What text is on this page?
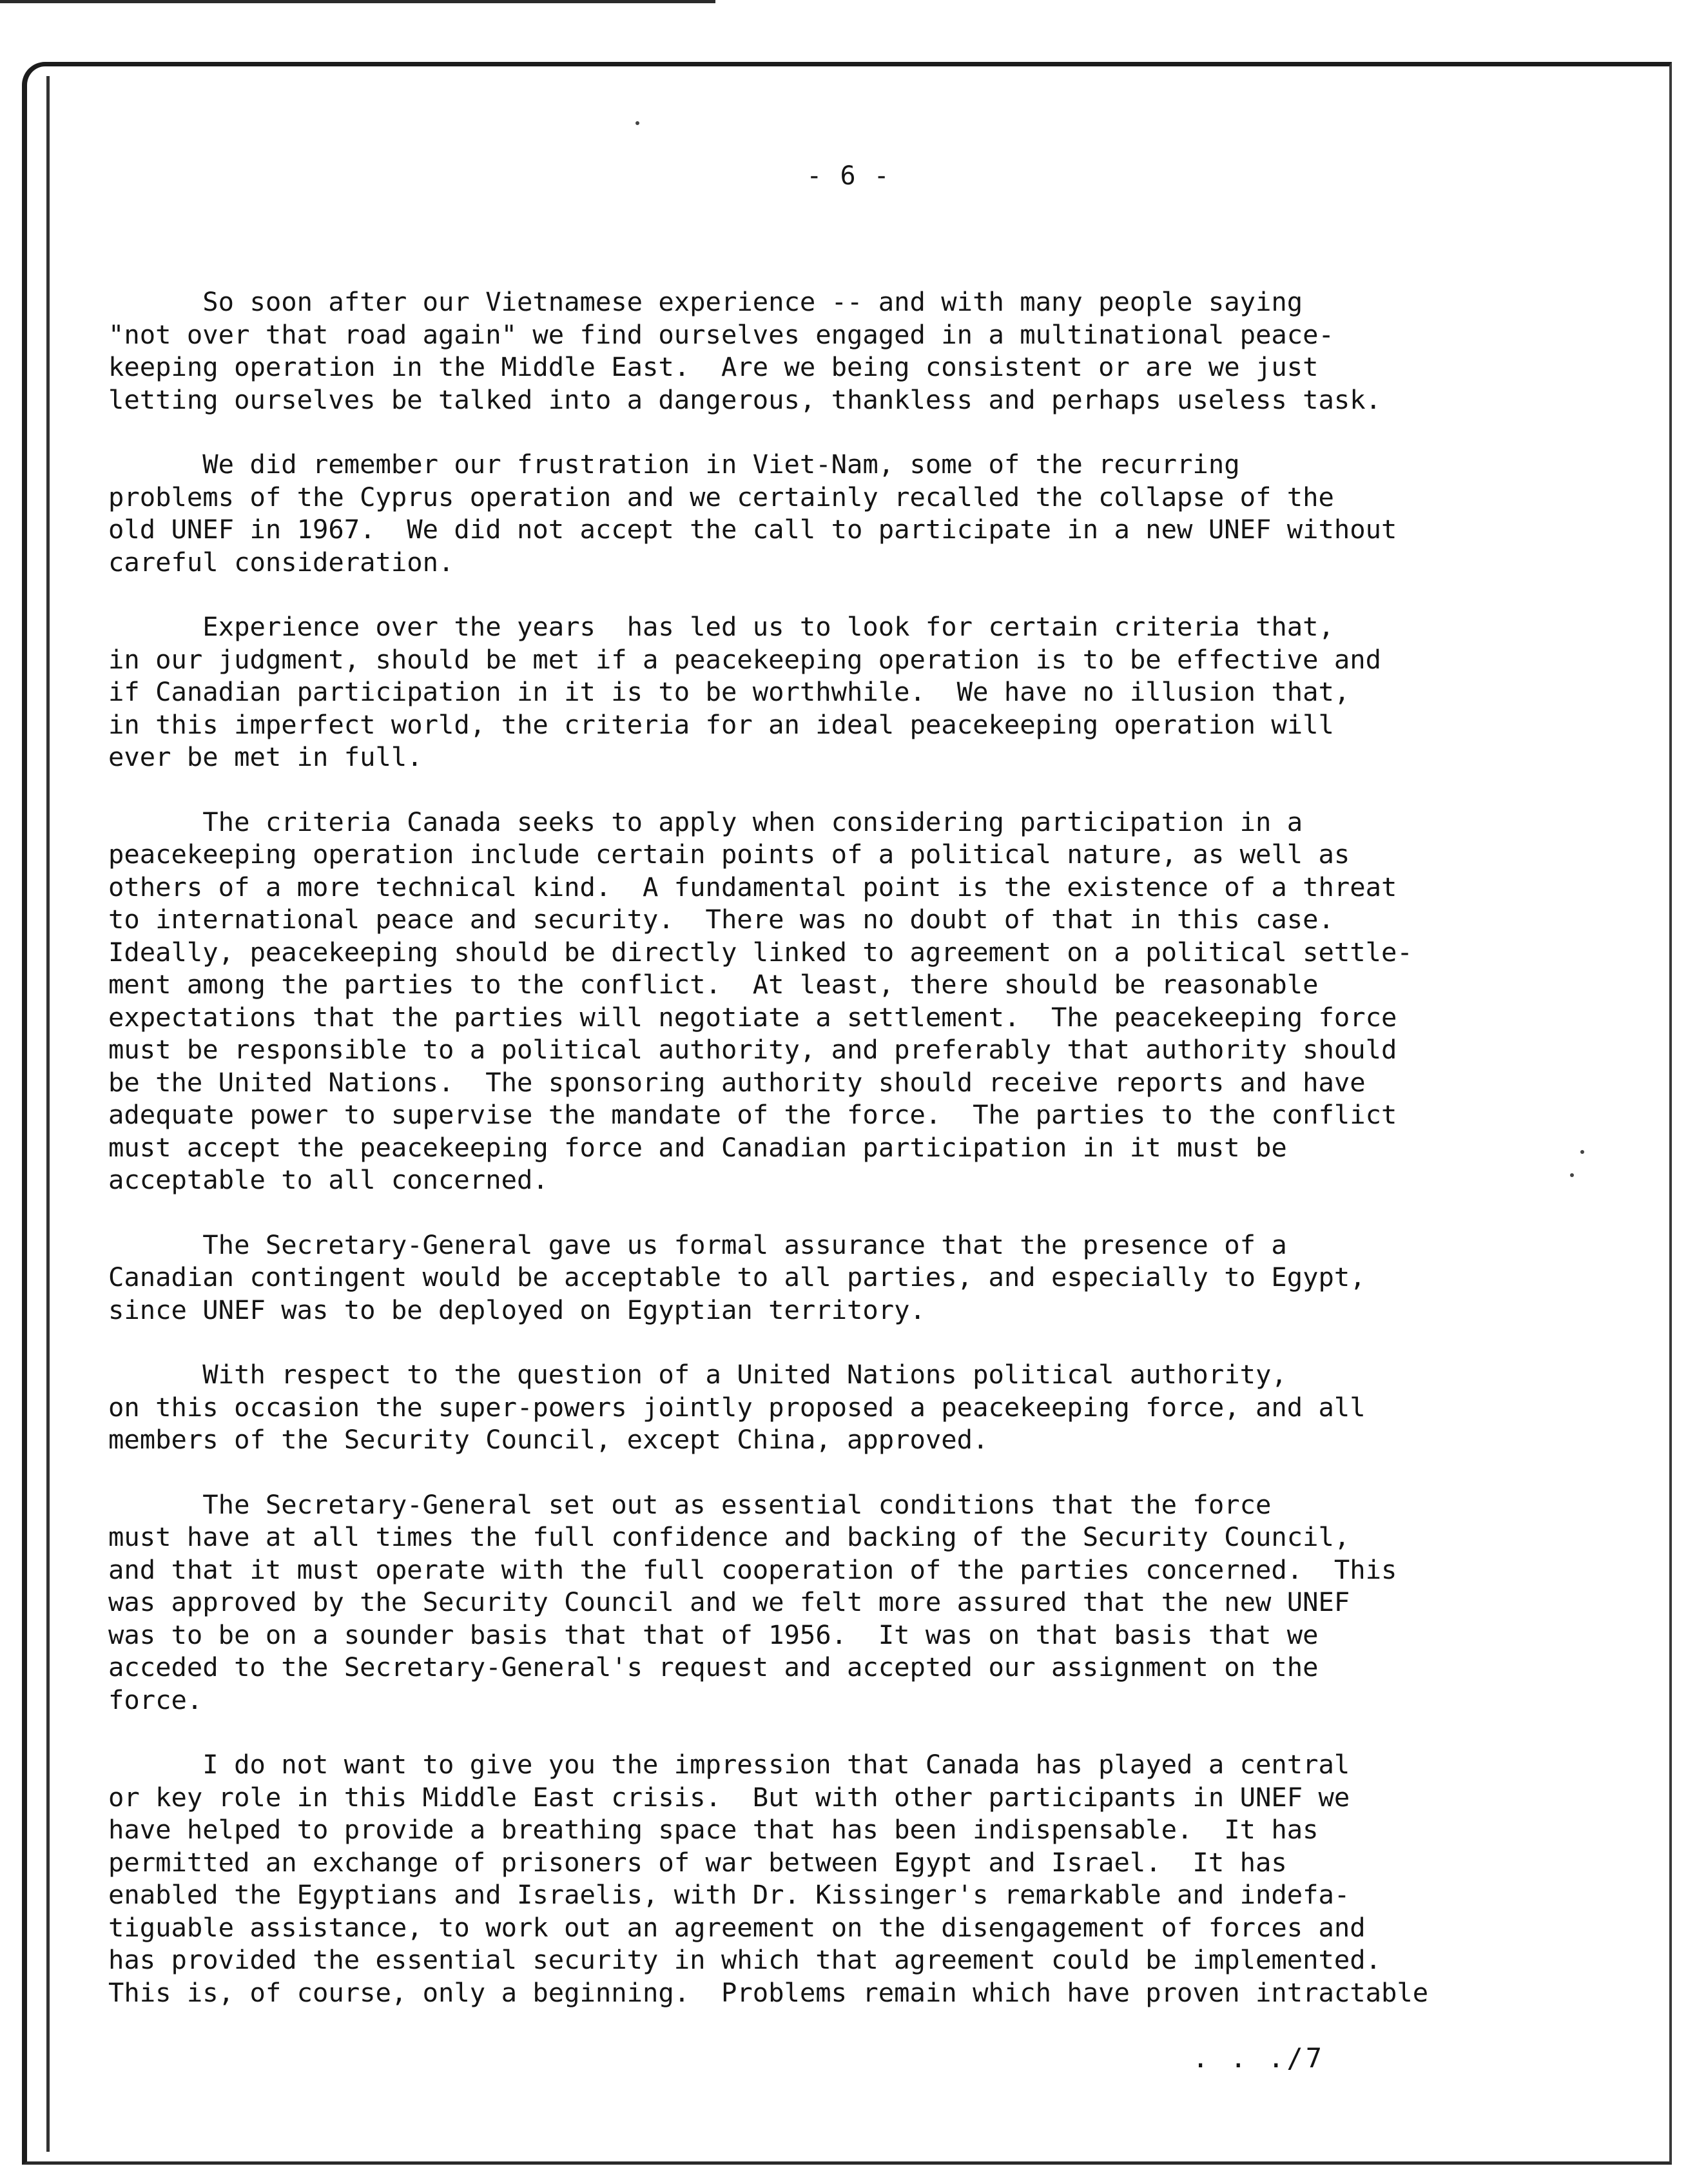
- 6 -
So soon after our Vietnamese experience -- and with many people saying
"not over that road again" we find ourselves engaged in a multinational peace-
keeping operation in the Middle East.  Are we being consistent or are we just
letting ourselves be talked into a dangerous, thankless and perhaps useless task.
We did remember our frustration in Viet-Nam, some of the recurring
problems of the Cyprus operation and we certainly recalled the collapse of the
old UNEF in 1967.  We did not accept the call to participate in a new UNEF without
careful consideration.
Experience over the years  has led us to look for certain criteria that,
in our judgment, should be met if a peacekeeping operation is to be effective and
if Canadian participation in it is to be worthwhile.  We have no illusion that,
in this imperfect world, the criteria for an ideal peacekeeping operation will
ever be met in full.
The criteria Canada seeks to apply when considering participation in a
peacekeeping operation include certain points of a political nature, as well as
others of a more technical kind.  A fundamental point is the existence of a threat
to international peace and security.  There was no doubt of that in this case.
Ideally, peacekeeping should be directly linked to agreement on a political settle-
ment among the parties to the conflict.  At least, there should be reasonable
expectations that the parties will negotiate a settlement.  The peacekeeping force
must be responsible to a political authority, and preferably that authority should
be the United Nations.  The sponsoring authority should receive reports and have
adequate power to supervise the mandate of the force.  The parties to the conflict
must accept the peacekeeping force and Canadian participation in it must be
acceptable to all concerned.
The Secretary-General gave us formal assurance that the presence of a
Canadian contingent would be acceptable to all parties, and especially to Egypt,
since UNEF was to be deployed on Egyptian territory.
With respect to the question of a United Nations political authority,
on this occasion the super-powers jointly proposed a peacekeeping force, and all
members of the Security Council, except China, approved.
The Secretary-General set out as essential conditions that the force
must have at all times the full confidence and backing of the Security Council,
and that it must operate with the full cooperation of the parties concerned.  This
was approved by the Security Council and we felt more assured that the new UNEF
was to be on a sounder basis that that of 1956.  It was on that basis that we
acceded to the Secretary-General's request and accepted our assignment on the
force.
I do not want to give you the impression that Canada has played a central
or key role in this Middle East crisis.  But with other participants in UNEF we
have helped to provide a breathing space that has been indispensable.  It has
permitted an exchange of prisoners of war between Egypt and Israel.  It has
enabled the Egyptians and Israelis, with Dr. Kissinger's remarkable and indefa-
tiguable assistance, to work out an agreement on the disengagement of forces and
has provided the essential security in which that agreement could be implemented.
This is, of course, only a beginning.  Problems remain which have proven intractable
. . ./7
